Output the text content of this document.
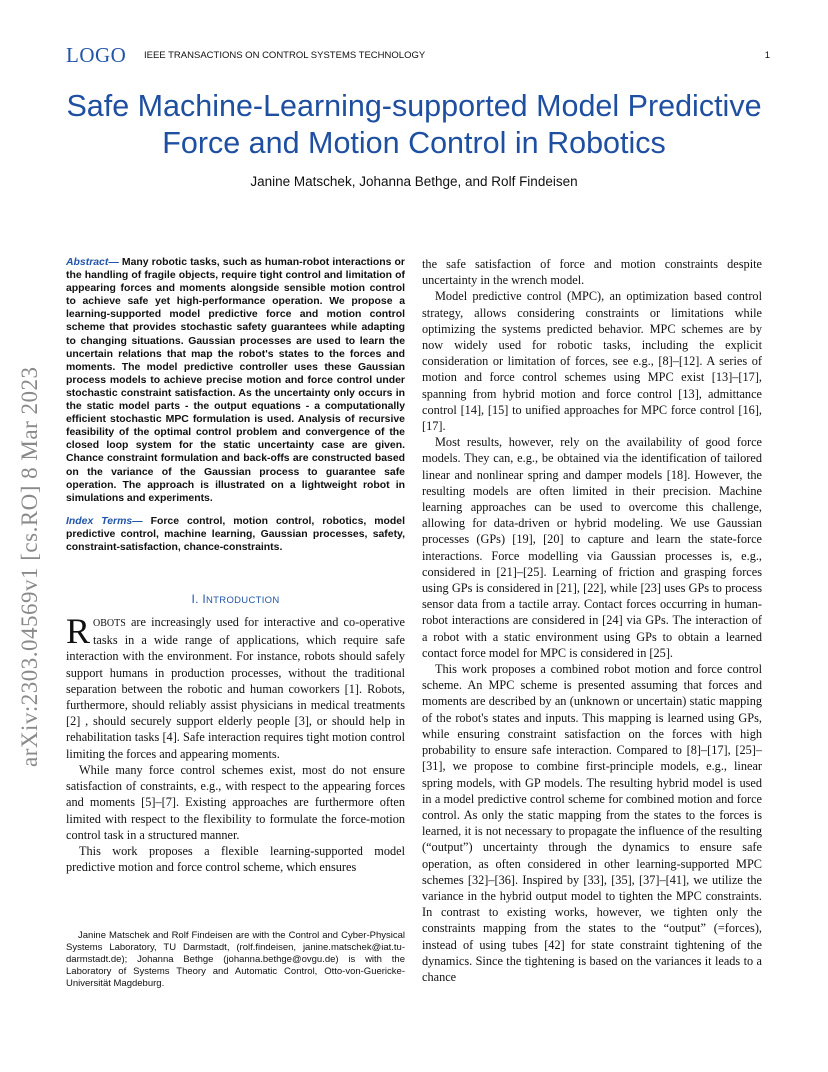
LOGO IEEE TRANSACTIONS ON CONTROL SYSTEMS TECHNOLOGY	1
Safe Machine-Learning-supported Model Predictive Force and Motion Control in Robotics
Janine Matschek, Johanna Bethge, and Rolf Findeisen
arXiv:2303.04569v1 [cs.RO] 8 Mar 2023

Abstract— Many robotic tasks, such as human-robot interactions or the handling of fragile objects, require tight control and limitation of appearing forces and moments alongside sensible motion control to achieve safe yet high-performance operation. We propose a learning-supported model predictive force and motion control scheme that provides stochastic safety guarantees while adapting to changing situations. Gaussian processes are used to learn the uncertain relations that map the robot's states to the forces and moments. The model predictive controller uses these Gaussian process models to achieve precise motion and force control under stochastic constraint satisfaction. As the uncertainty only occurs in the static model parts - the output equations - a computationally efficient stochastic MPC formulation is used. Analysis of recursive feasibility of the optimal control problem and convergence of the closed loop system for the static uncertainty case are given. Chance constraint formulation and back-offs are constructed based on the variance of the Gaussian process to guarantee safe operation. The approach is illustrated on a lightweight robot in simulations and experiments.

Index Terms— Force control, motion control, robotics, model predictive control, machine learning, Gaussian processes, safety, constraint-satisfaction, chance-constraints.

I. INTRODUCTION

ROBOTS are increasingly used for interactive and co-operative tasks in a wide range of applications, which require safe interaction with the environment. For instance, robots should safely support humans in production processes, without the traditional separation between the robotic and human coworkers [1]. Robots, furthermore, should reliably assist physicians in medical treatments [2] , should securely support elderly people [3], or should help in rehabilitation tasks [4]. Safe interaction requires tight motion control limiting the forces and appearing moments.

While many force control schemes exist, most do not ensure satisfaction of constraints, e.g., with respect to the appearing forces and moments [5]–[7]. Existing approaches are furthermore often limited with respect to the flexibility to formulate the force-motion control task in a structured manner.

This work proposes a flexible learning-supported model predictive motion and force control scheme, which ensures

Janine Matschek and Rolf Findeisen are with the Control and Cyber-Physical Systems Laboratory, TU Darmstadt, (rolf.findeisen, janine.matschek@iat.tu-darmstadt.de); Johanna Bethge (johanna.bethge@ovgu.de) is with the Laboratory of Systems Theory and Automatic Control, Otto-von-Guericke-Universität Magdeburg.

the safe satisfaction of force and motion constraints despite uncertainty in the wrench model.

Model predictive control (MPC), an optimization based control strategy, allows considering constraints or limitations while optimizing the systems predicted behavior. MPC schemes are by now widely used for robotic tasks, including the explicit consideration or limitation of forces, see e.g., [8]–[12]. A series of motion and force control schemes using MPC exist [13]–[17], spanning from hybrid motion and force control [13], admittance control [14], [15] to unified approaches for MPC force control [16], [17].

Most results, however, rely on the availability of good force models. They can, e.g., be obtained via the identification of tailored linear and nonlinear spring and damper models [18]. However, the resulting models are often limited in their precision. Machine learning approaches can be used to overcome this challenge, allowing for data-driven or hybrid modeling. We use Gaussian processes (GPs) [19], [20] to capture and learn the state-force interactions. Force modelling via Gaussian processes is, e.g., considered in [21]–[25]. Learning of friction and grasping forces using GPs is considered in [21], [22], while [23] uses GPs to process sensor data from a tactile array. Contact forces occurring in human-robot interactions are considered in [24] via GPs. The interaction of a robot with a static environment using GPs to obtain a learned contact force model for MPC is considered in [25].

This work proposes a combined robot motion and force control scheme. An MPC scheme is presented assuming that forces and moments are described by an (unknown or uncertain) static mapping of the robot's states and inputs. This mapping is learned using GPs, while ensuring constraint satisfaction on the forces with high probability to ensure safe interaction. Compared to [8]–[17], [25]–[31], we propose to combine first-principle models, e.g., linear spring models, with GP models. The resulting hybrid model is used in a model predictive control scheme for combined motion and force control. As only the static mapping from the states to the forces is learned, it is not necessary to propagate the influence of the resulting (“output”) uncertainty through the dynamics to ensure safe operation, as often considered in other learning-supported MPC schemes [32]–[36]. Inspired by [33], [35], [37]–[41], we utilize the variance in the hybrid output model to tighten the MPC constraints. In contrast to existing works, however, we tighten only the constraints mapping from the states to the “output” (=forces), instead of using tubes [42] for state constraint tightening of the dynamics. Since the tightening is based on the variances it leads to a chance
